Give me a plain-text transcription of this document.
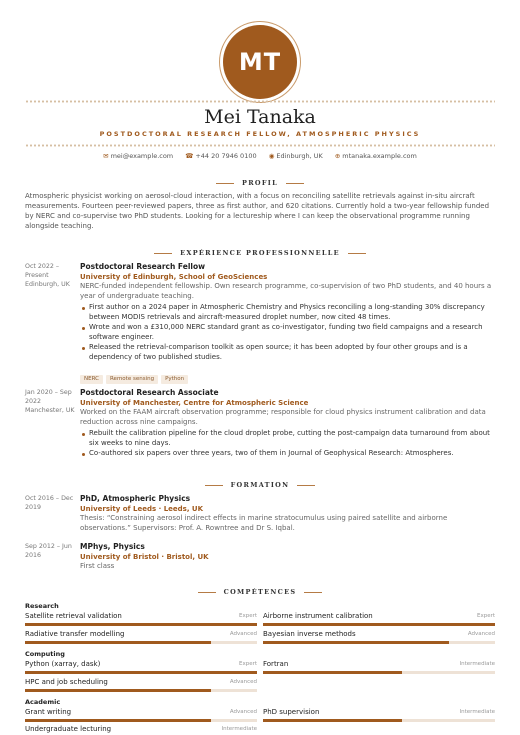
MT
Mei Tanaka
POSTDOCTORAL RESEARCH FELLOW, ATMOSPHERIC PHYSICS
✉ mei@example.com ☎ +44 20 7946 0100 ◉ Edinburgh, UK ⊕ mtanaka.example.com
PROFIL
Atmospheric physicist working on aerosol-cloud interaction, with a focus on reconciling satellite retrievals against in-situ aircraft measurements. Fourteen peer-reviewed papers, three as first author, and 620 citations. Currently hold a two-year fellowship funded by NERC and co-supervise two PhD students. Looking for a lectureship where I can keep the observational programme running alongside teaching.
EXPÉRIENCE PROFESSIONNELLE
Oct 2022 – Present
Edinburgh, UK
Postdoctoral Research Fellow
University of Edinburgh, School of GeoSciences
NERC-funded independent fellowship. Own research programme, co-supervision of two PhD students, and 40 hours a year of undergraduate teaching.
First author on a 2024 paper in Atmospheric Chemistry and Physics reconciling a long-standing 30% discrepancy between MODIS retrievals and aircraft-measured droplet number, now cited 48 times.
Wrote and won a £310,000 NERC standard grant as co-investigator, funding two field campaigns and a research software engineer.
Released the retrieval-comparison toolkit as open source; it has been adopted by four other groups and is a dependency of two published studies.
NERC Remote sensing Python
Jan 2020 – Sep 2022
Manchester, UK
Postdoctoral Research Associate
University of Manchester, Centre for Atmospheric Science
Worked on the FAAM aircraft observation programme; responsible for cloud physics instrument calibration and data reduction across nine campaigns.
Rebuilt the calibration pipeline for the cloud droplet probe, cutting the post-campaign data turnaround from about six weeks to nine days.
Co-authored six papers over three years, two of them in Journal of Geophysical Research: Atmospheres.
FORMATION
Oct 2016 – Dec 2019
PhD, Atmospheric Physics
University of Leeds · Leeds, UK
Thesis: “Constraining aerosol indirect effects in marine stratocumulus using paired satellite and airborne observations.” Supervisors: Prof. A. Rowntree and Dr S. Iqbal.
Sep 2012 – Jun 2016
MPhys, Physics
University of Bristol · Bristol, UK
First class
COMPÉTENCES
Research
Satellite retrieval validation	Expert Airborne instrument calibration	Expert
Radiative transfer modelling	Advanced Bayesian inverse methods	Advanced
Computing
Python (xarray, dask)	Expert Fortran	Intermediate
HPC and job scheduling	Advanced
Academic
Grant writing	Advanced PhD supervision	Intermediate
Undergraduate lecturing	Intermediate
